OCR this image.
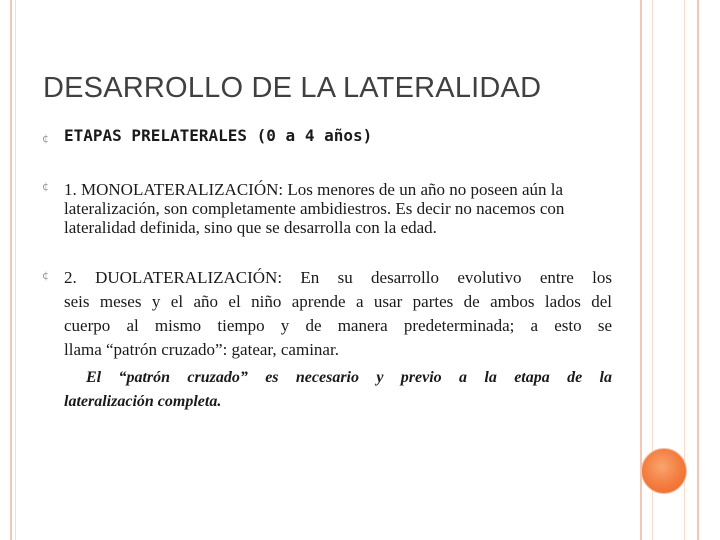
DESARROLLO DE LA LATERALIDAD
¢ ETAPAS PRELATERALES (0 a 4 años)
¢ 1. MONOLATERALIZACIÓN: Los menores de un año no poseen aún la lateralización, son completamente ambidiestros. Es decir no nacemos con lateralidad definida, sino que se desarrolla con la edad.
¢ 2. DUOLATERALIZACIÓN: En su desarrollo evolutivo entre los
seis meses y el año el niño aprende a usar partes de ambos lados del
cuerpo al mismo tiempo y de manera predeterminada; a esto se
llama “patrón cruzado”: gatear, caminar.
El “patrón cruzado” es necesario y previo a la etapa de la
lateralización completa.
